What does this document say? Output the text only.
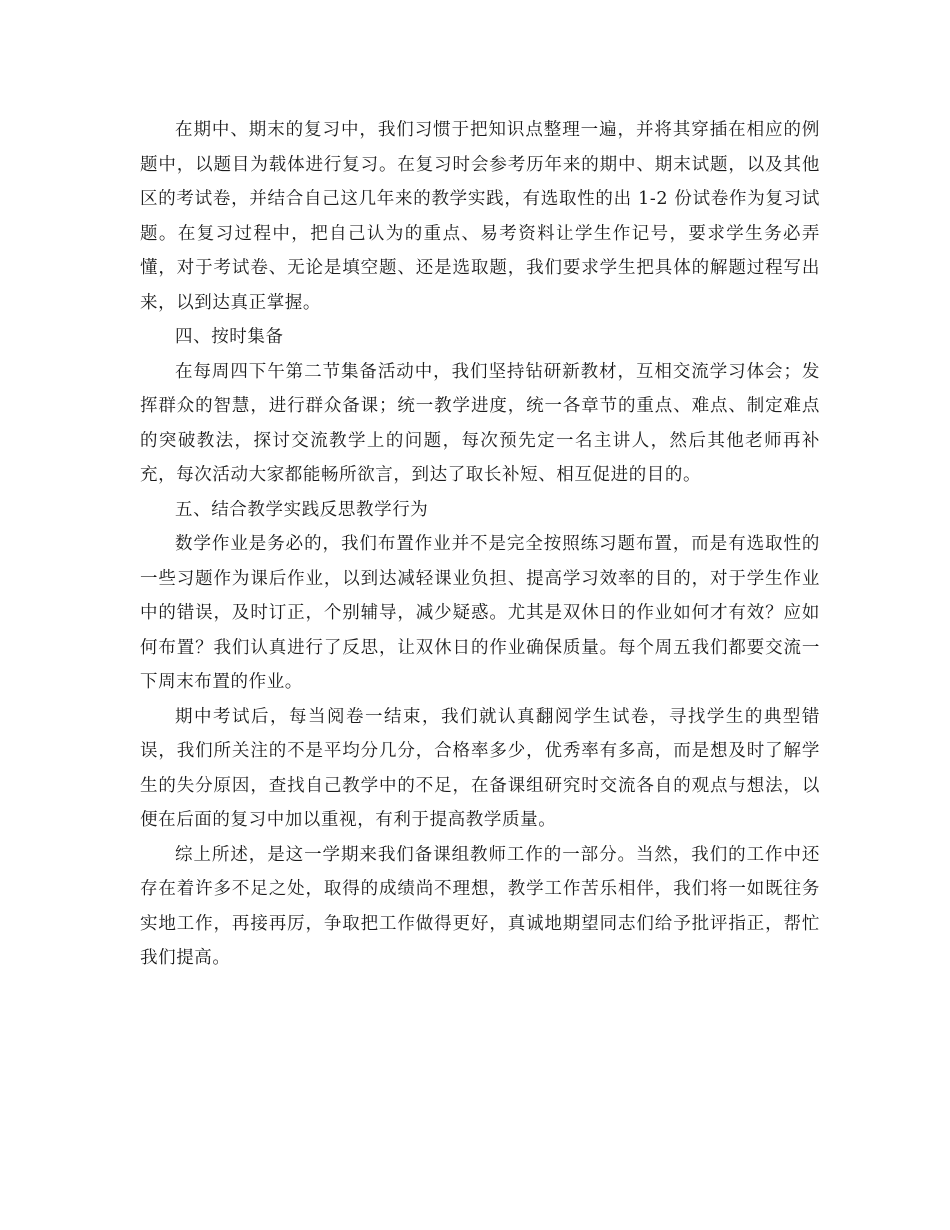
在期中、期末的复习中，我们习惯于把知识点整理一遍，并将其穿插在相应的例题中，以题目为载体进行复习。在复习时会参考历年来的期中、期末试题，以及其他区的考试卷，并结合自己这几年来的教学实践，有选取性的出 1-2 份试卷作为复习试题。在复习过程中，把自己认为的重点、易考资料让学生作记号，要求学生务必弄懂，对于考试卷、无论是填空题、还是选取题，我们要求学生把具体的解题过程写出来，以到达真正掌握。

四、按时集备

在每周四下午第二节集备活动中，我们坚持钻研新教材，互相交流学习体会；发挥群众的智慧，进行群众备课；统一教学进度，统一各章节的重点、难点、制定难点的突破教法，探讨交流教学上的问题，每次预先定一名主讲人，然后其他老师再补充，每次活动大家都能畅所欲言，到达了取长补短、相互促进的目的。

五、结合教学实践反思教学行为

数学作业是务必的，我们布置作业并不是完全按照练习题布置，而是有选取性的一些习题作为课后作业，以到达减轻课业负担、提高学习效率的目的，对于学生作业中的错误，及时订正，个别辅导，减少疑惑。尤其是双休日的作业如何才有效？应如何布置？我们认真进行了反思，让双休日的作业确保质量。每个周五我们都要交流一下周末布置的作业。

期中考试后，每当阅卷一结束，我们就认真翻阅学生试卷，寻找学生的典型错误，我们所关注的不是平均分几分，合格率多少，优秀率有多高，而是想及时了解学生的失分原因，查找自己教学中的不足，在备课组研究时交流各自的观点与想法，以便在后面的复习中加以重视，有利于提高教学质量。

综上所述，是这一学期来我们备课组教师工作的一部分。当然，我们的工作中还存在着许多不足之处，取得的成绩尚不理想，教学工作苦乐相伴，我们将一如既往务实地工作，再接再厉，争取把工作做得更好，真诚地期望同志们给予批评指正，帮忙我们提高。
